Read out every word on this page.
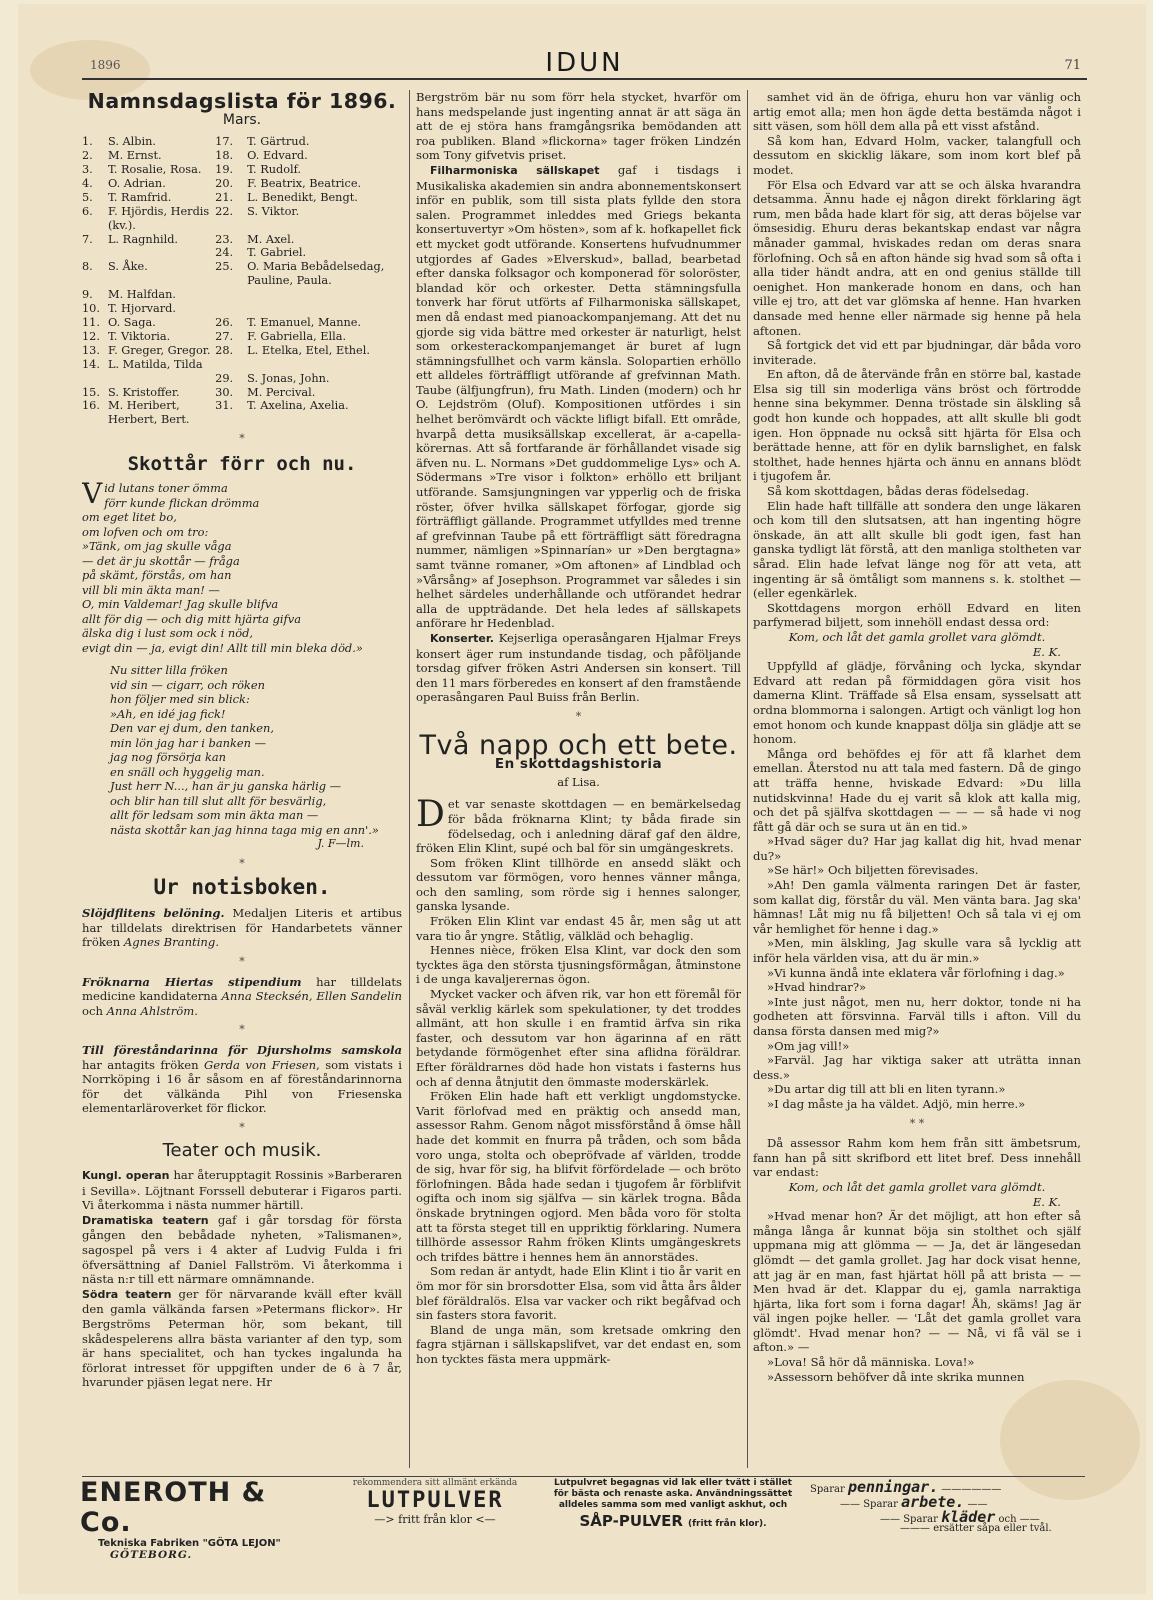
1896	IDUN	71
Namnsdagslista för 1896.
Mars.
1.	S. Albin.	17.	T. Gärtrud.
2.	M. Ernst.	18.	O. Edvard.
3.	T. Rosalie, Rosa.	19.	T. Rudolf.
4.	O. Adrian.	20.	F. Beatrix, Beatrice.
5.	T. Ramfrid.	21.	L. Benedikt, Bengt.
6.	F. Hjördis, Herdis (kv.).	22.	S. Viktor.
7.	L. Ragnhild.	23.	M. Axel.
		24.	T. Gabriel.
8.	S. Åke.	25.	O. Maria Bebådelsedag, Pauline, Paula.
9.	M. Halfdan.		
10.	T. Hjorvard.		
11.	O. Saga.	26.	T. Emanuel, Manne.
12.	T. Viktoria.	27.	F. Gabriella, Ella.
13.	F. Greger, Gregor.	28.	L. Etelka, Etel, Ethel.
14.	L. Matilda, Tilda		
		29.	S. Jonas, John.
15.	S. Kristoffer.	30.	M. Percival.
16.	M. Heribert, Herbert, Bert.	31.	T. Axelina, Axelia.
*
Skottår förr och nu.
V id lutans toner ömma
förr kunde flickan drömma
om eget litet bo,
om lofven och om tro:
»Tänk, om jag skulle våga
— det är ju skottår — fråga
på skämt, förstås, om han
vill bli min äkta man! —
O, min Valdemar! Jag skulle blifva
allt för dig — och dig mitt hjärta gifva
älska dig i lust som ock i nöd,
evigt din — ja, evigt din! Allt till min bleka död.»
Nu sitter lilla fröken
vid sin — cigarr, och röken
hon följer med sin blick:
»Ah, en idé jag fick!
Den var ej dum, den tanken,
min lön jag har i banken —
jag nog försörja kan
en snäll och hyggelig man.
Just herr N..., han är ju ganska härlig —
och blir han till slut allt för besvärlig,
allt för ledsam som min äkta man —
nästa skottår kan jag hinna taga mig en ann'.»
J. F—lm.
*
Ur notisboken.

Slöjdflitens belöning. Medaljen Literis et artibus har tilldelats direktrisen för Handarbetets vänner fröken Agnes Branting.

*

Fröknarna Hiertas stipendium har tilldelats medicine kandidaterna Anna Stecksén, Ellen Sandelin och Anna Ahlström.

*

Till föreståndarinna för Djursholms samskola har antagits fröken Gerda von Friesen, som vistats i Norrköping i 16 år såsom en af föreståndarinnorna för det välkända Pihl von Friesenska elementarläroverket för flickor.

*
Teater och musik.

Kungl. operan har återupptagit Rossinis »Barberaren i Sevilla». Löjtnant Forssell debuterar i Figaros parti. Vi återkomma i nästa nummer härtill.

Dramatiska teatern gaf i går torsdag för första gången den bebådade nyheten, »Talismanen», sagospel på vers i 4 akter af Ludvig Fulda i fri öfversättning af Daniel Fallström. Vi återkomma i nästa n:r till ett närmare omnämnande.

Södra teatern ger för närvarande kväll efter kväll den gamla välkända farsen »Petermans flickor». Hr Bergströms Peterman hör, som bekant, till skådespelerens allra bästa varianter af den typ, som är hans specialitet, och han tyckes ingalunda ha förlorat intresset för uppgiften under de 6 à 7 år, hvarunder pjäsen legat nere. Hr

Bergström bär nu som förr hela stycket, hvarför om hans medspelande just ingenting annat är att säga än att de ej störa hans framgångsrika bemödanden att roa publiken. Bland »flickorna» tager fröken Lindzén som Tony gifvetvis priset.

Filharmoniska sällskapet gaf i tisdags i Musikaliska akademien sin andra abonnementskonsert inför en publik, som till sista plats fyllde den stora salen. Programmet inleddes med Griegs bekanta konsertuvertyr »Om hösten», som af k. hofkapellet fick ett mycket godt utförande. Konsertens hufvudnummer utgjordes af Gades »Elverskud», ballad, bearbetad efter danska folksagor och komponerad för soloröster, blandad kör och orkester. Detta stämningsfulla tonverk har förut utförts af Filharmoniska sällskapet, men då endast med pianoackompanjemang. Att det nu gjorde sig vida bättre med orkester är naturligt, helst som orkesterackompanjemanget är buret af lugn stämningsfullhet och varm känsla. Solopartien erhöllo ett alldeles förträffligt utförande af grefvinnan Math. Taube (älfjungfrun), fru Math. Linden (modern) och hr O. Lejdström (Oluf). Kompositionen utfördes i sin helhet berömvärdt och väckte lifligt bifall. Ett område, hvarpå detta musiksällskap excellerat, är a-capella-körernas. Att så fortfarande är förhållandet visade sig äfven nu. L. Normans »Det guddommelige Lys» och A. Södermans »Tre visor i folkton» erhöllo ett briljant utförande. Samsjungningen var ypperlig och de friska röster, öfver hvilka sällskapet förfogar, gjorde sig förträffligt gällande. Programmet utfylldes med trenne af grefvinnan Taube på ett förträffligt sätt föredragna nummer, nämligen »Spinnarían» ur »Den bergtagna» samt tvänne romaner, »Om aftonen» af Lindblad och »Vårsång» af Josephson. Programmet var således i sin helhet särdeles underhållande och utförandet hedrar alla de uppträdande. Det hela ledes af sällskapets anförare hr Hedenblad.

Konserter. Kejserliga operasångaren Hjalmar Freys konsert äger rum instundande tisdag, och påföljande torsdag gifver fröken Astri Andersen sin konsert. Till den 11 mars förberedes en konsert af den framstående operasångaren Paul Buiss från Berlin.

*
Två napp och ett bete.
En skottdagshistoria
af Lisa.
D et var senaste skottdagen — en bemärkelsedag för båda fröknarna Klint; ty båda firade sin födelsedag, och i anledning däraf gaf den äldre, fröken Elin Klint, supé och bal för sin umgängeskrets.

Som fröken Klint tillhörde en ansedd släkt och dessutom var förmögen, voro hennes vänner många, och den samling, som rörde sig i hennes salonger, ganska lysande.

Fröken Elin Klint var endast 45 år, men såg ut att vara tio år yngre. Ståtlig, välkläd och behaglig.

Hennes nièce, fröken Elsa Klint, var dock den som tycktes äga den största tjusningsförmågan, åtminstone i de unga kavaljerernas ögon.

Mycket vacker och äfven rik, var hon ett föremål för såväl verklig kärlek som spekulationer, ty det troddes allmänt, att hon skulle i en framtid ärfva sin rika faster, och dessutom var hon ägarinna af en rätt betydande förmögenhet efter sina aflidna föräldrar. Efter föräldrarnes död hade hon vistats i fasterns hus och af denna åtnjutit den ömmaste moderskärlek.

Fröken Elin hade haft ett verkligt ungdomstycke. Varit förlofvad med en präktig och ansedd man, assessor Rahm. Genom något missförstånd å ömse håll hade det kommit en fnurra på tråden, och som båda voro unga, stolta och obepröfvade af världen, trodde de sig, hvar för sig, ha blifvit förfördelade — och bröto förlofningen. Båda hade sedan i tjugofem år förblifvit ogifta och inom sig själfva — sin kärlek trogna. Båda önskade brytningen ogjord. Men båda voro för stolta att ta första steget till en uppriktig förklaring. Numera tillhörde assessor Rahm fröken Klints umgängeskrets och trifdes bättre i hennes hem än annorstädes.

Som redan är antydt, hade Elin Klint i tio år varit en öm mor för sin brorsdotter Elsa, som vid åtta års ålder blef föräldralös. Elsa var vacker och rikt begåfvad och sin fasters stora favorit.

Bland de unga män, som kretsade omkring den fagra stjärnan i sällskapslifvet, var det endast en, som hon tycktes fästa mera uppmärk-

samhet vid än de öfriga, ehuru hon var vänlig och artig emot alla; men hon ägde detta bestämda något i sitt väsen, som höll dem alla på ett visst afstånd.

Så kom han, Edvard Holm, vacker, talangfull och dessutom en skicklig läkare, som inom kort blef på modet.

För Elsa och Edvard var att se och älska hvarandra detsamma. Ännu hade ej någon direkt förklaring ägt rum, men båda hade klart för sig, att deras böjelse var ömsesidig. Ehuru deras bekantskap endast var några månader gammal, hviskades redan om deras snara förlofning. Och så en afton hände sig hvad som så ofta i alla tider händt andra, att en ond genius ställde till oenighet. Hon mankerade honom en dans, och han ville ej tro, att det var glömska af henne. Han hvarken dansade med henne eller närmade sig henne på hela aftonen.

Så fortgick det vid ett par bjudningar, där båda voro inviterade.

En afton, då de återvände från en större bal, kastade Elsa sig till sin moderliga väns bröst och förtrodde henne sina bekymmer. Denna tröstade sin älskling så godt hon kunde och hoppades, att allt skulle bli godt igen. Hon öppnade nu också sitt hjärta för Elsa och berättade henne, att för en dylik barnslighet, en falsk stolthet, hade hennes hjärta och ännu en annans blödt i tjugofem år.

Så kom skottdagen, bådas deras födelsedag.

Elin hade haft tillfälle att sondera den unge läkaren och kom till den slutsatsen, att han ingenting högre önskade, än att allt skulle bli godt igen, fast han ganska tydligt lät förstå, att den manliga stoltheten var sårad. Elin hade lefvat länge nog för att veta, att ingenting är så ömtåligt som mannens s. k. stolthet — (eller egenkärlek.

Skottdagens morgon erhöll Edvard en liten parfymerad biljett, som innehöll endast dessa ord:

Kom, och låt det gamla grollet vara glömdt.

E. K.

Uppfylld af glädje, förvåning och lycka, skyndar Edvard att redan på förmiddagen göra visit hos damerna Klint. Träffade så Elsa ensam, sysselsatt att ordna blommorna i salongen. Artigt och vänligt log hon emot honom och kunde knappast dölja sin glädje att se honom.

Många ord behöfdes ej för att få klarhet dem emellan. Återstod nu att tala med fastern. Då de gingo att träffa henne, hviskade Edvard: »Du lilla nutidskvinna! Hade du ej varit så klok att kalla mig, och det på själfva skottdagen — — — så hade vi nog fått gå där och se sura ut än en tid.»

»Hvad säger du? Har jag kallat dig hit, hvad menar du?»

»Se här!» Och biljetten förevisades.

»Ah! Den gamla välmenta raringen Det är faster, som kallat dig, förstår du väl. Men vänta bara. Jag ska' hämnas! Låt mig nu få biljetten! Och så tala vi ej om vår hemlighet för henne i dag.»

»Men, min älskling, Jag skulle vara så lycklig att inför hela världen visa, att du är min.»

»Vi kunna ändå inte eklatera vår förlofning i dag.»

»Hvad hindrar?»

»Inte just något, men nu, herr doktor, tonde ni ha godheten att försvinna. Farväl tills i afton. Vill du dansa första dansen med mig?»

»Om jag vill!»

»Farväl. Jag har viktiga saker att uträtta innan dess.»

»Du artar dig till att bli en liten tyrann.»

»I dag måste ja ha väldet. Adjö, min herre.»

* *

Då assessor Rahm kom hem från sitt ämbetsrum, fann han på sitt skrifbord ett litet bref. Dess innehåll var endast:

Kom, och låt det gamla grollet vara glömdt.

E. K.

»Hvad menar hon? Är det möjligt, att hon efter så många långa år kunnat böja sin stolthet och själf uppmana mig att glömma — — Ja, det är längesedan glömdt — det gamla grollet. Jag har dock visat henne, att jag är en man, fast hjärtat höll på att brista — — Men hvad är det. Klappar du ej, gamla narraktiga hjärta, lika fort som i forna dagar! Åh, skäms! Jag är väl ingen pojke heller. — 'Låt det gamla grollet vara glömdt'. Hvad menar hon? — — Nå, vi få väl se i afton.» —

»Lova! Så hör då människa. Lova!»

»Assessorn behöfver då inte skrika munnen

ENEROTH & Co.
Tekniska Fabriken "GÖTA LEJON"
GÖTEBORG.
rekommendera sitt allmänt erkända
LUTPULVER
—> fritt från klor <—
Lutpulvret begagnas vid lak eller tvätt i stället för bästa och renaste aska. Användningssättet alldeles samma som med vanligt askhut, och
SÅP-PULVER (fritt från klor).
Sparar penningar. ——————
—— Sparar arbete. ——
—— Sparar kläder och ——
——— ersätter såpa eller tvål.
